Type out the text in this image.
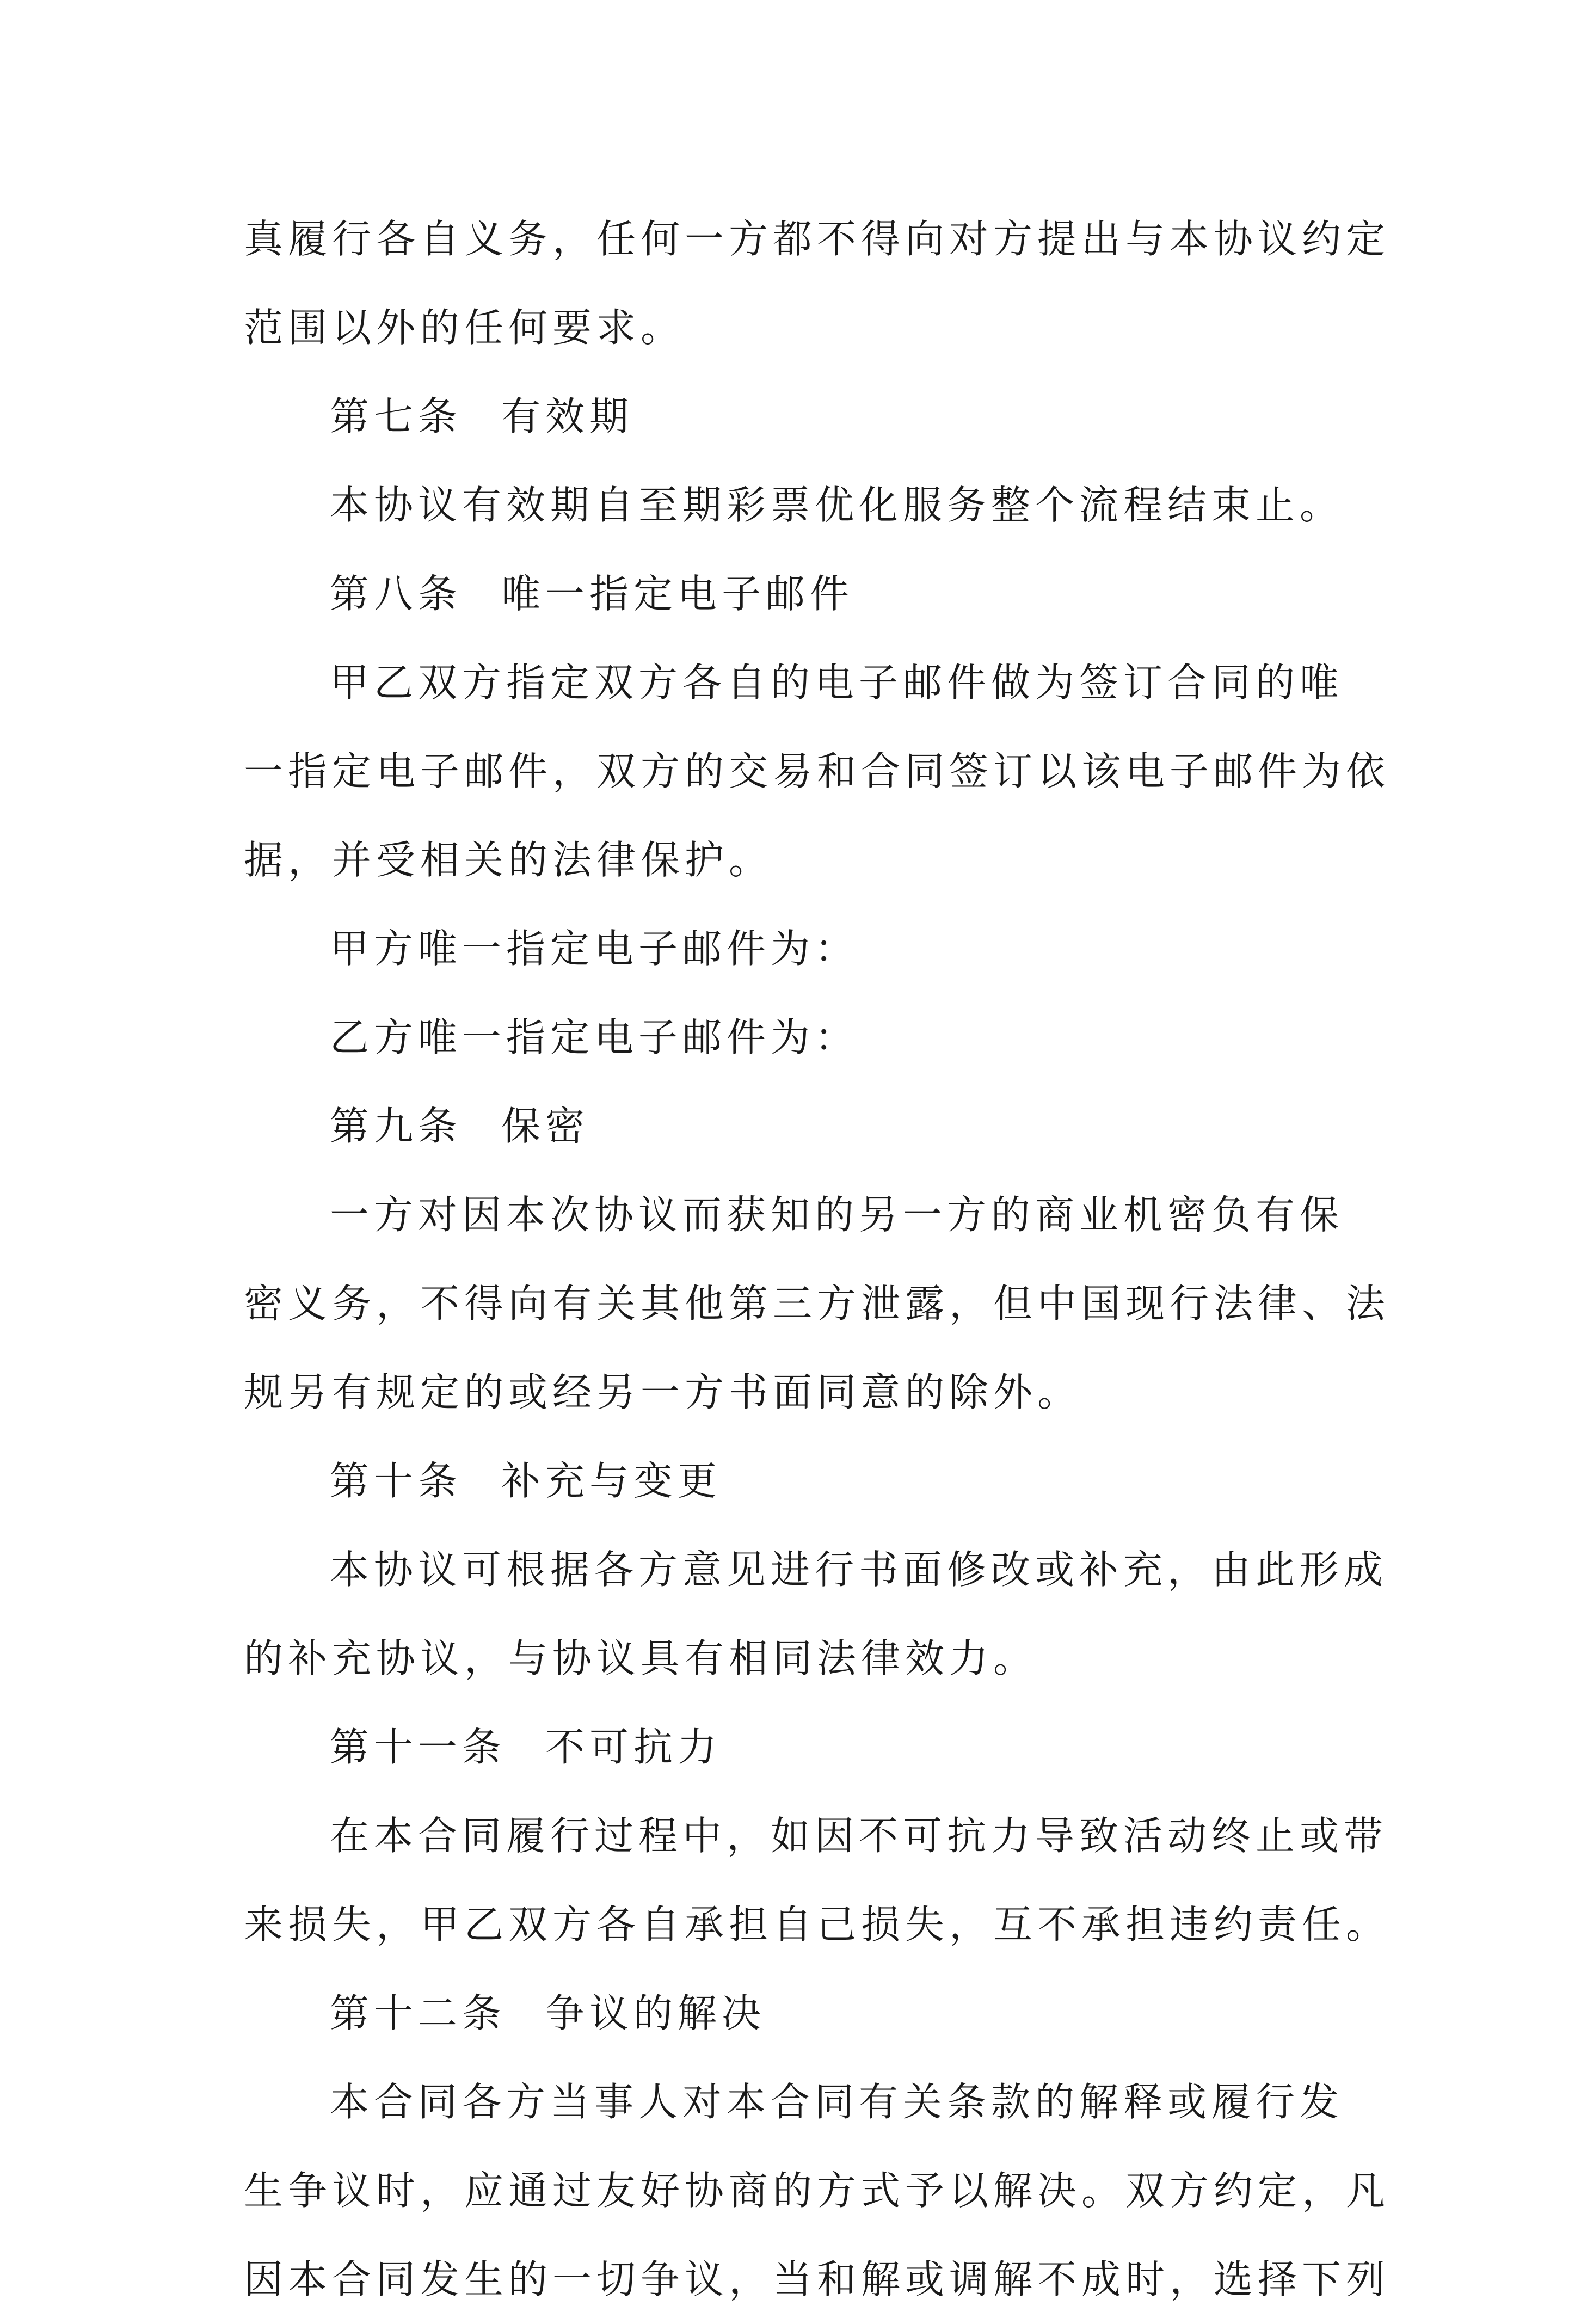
真履行各自义务，任何一方都不得向对方提出与本协议约定
范围以外的任何要求。
第七条 有效期
本协议有效期自至期彩票优化服务整个流程结束止。
第八条 唯一指定电子邮件
甲乙双方指定双方各自的电子邮件做为签订合同的唯
一指定电子邮件，双方的交易和合同签订以该电子邮件为依
据，并受相关的法律保护。
甲方唯一指定电子邮件为：
乙方唯一指定电子邮件为：
第九条 保密
一方对因本次协议而获知的另一方的商业机密负有保
密义务，不得向有关其他第三方泄露，但中国现行法律、法
规另有规定的或经另一方书面同意的除外。
第十条 补充与变更
本协议可根据各方意见进行书面修改或补充，由此形成
的补充协议，与协议具有相同法律效力。
第十一条 不可抗力
在本合同履行过程中，如因不可抗力导致活动终止或带
来损失，甲乙双方各自承担自己损失，互不承担违约责任。
第十二条 争议的解决
本合同各方当事人对本合同有关条款的解释或履行发
生争议时，应通过友好协商的方式予以解决。双方约定，凡
因本合同发生的一切争议，当和解或调解不成时，选择下列
